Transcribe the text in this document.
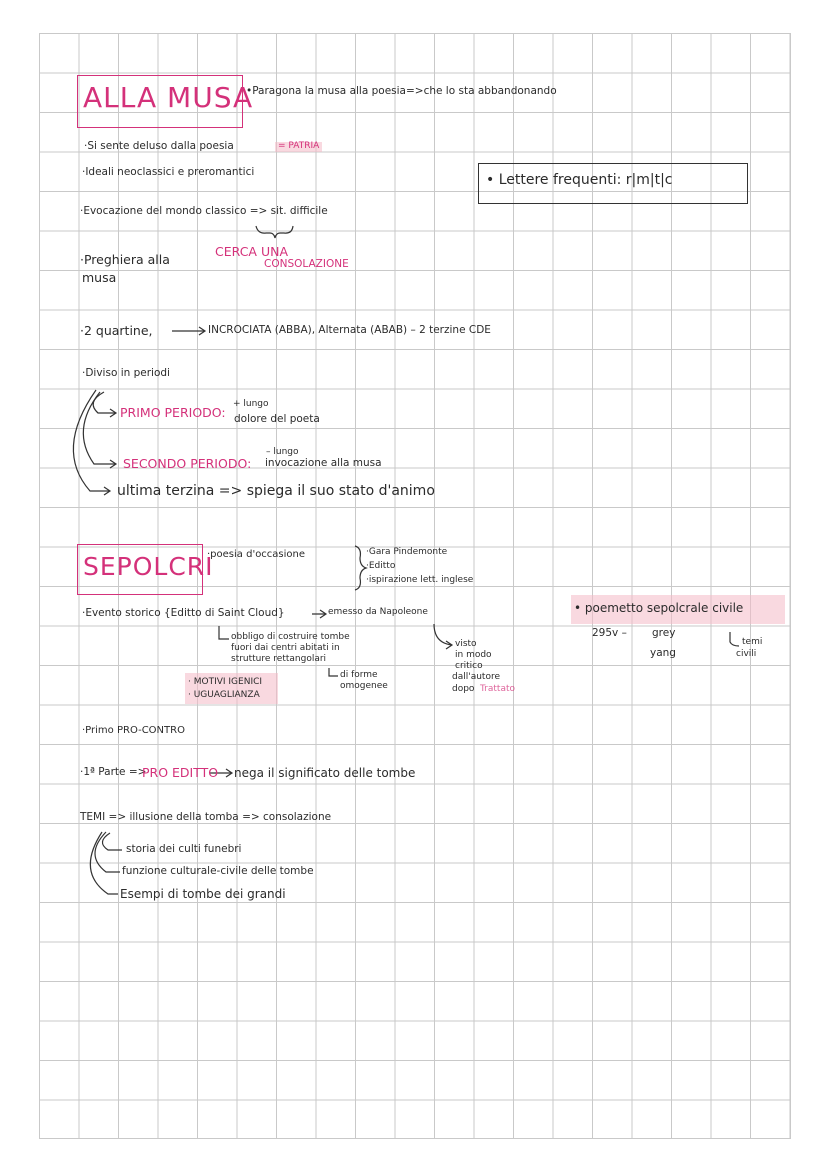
ALLA MUSA
•Paragona la musa alla poesia=>che lo sta abbandonando
·Si sente deluso dalla poesia	= PATRIA
·Ideali neoclassici e preromantici	• Lettere frequenti: r|m|t|c
·Evocazione del mondo classico => sit. difficile
·Preghiera alla
musa
CERCA UNA
CONSOLAZIONE
·2 quartine,	INCROCIATA (ABBA), Alternata (ABAB) – 2 terzine CDE
·Diviso in periodi
PRIMO PERIODO:
+ lungo
dolore del poeta
SECONDO PERIODO:
– lungo
invocazione alla musa
ultima terzina => spiega il suo stato d'animo
SEPOLCRI
·poesia d'occasione	·Gara Pindemonte
·Editto
·ispirazione lett. inglese
• poemetto sepolcrale civile
295v – grey
yang
temi
civili
·Evento storico {Editto di Saint Cloud}	emesso da Napoleone
obbligo di costruire tombe
fuori dai centri abitati in
strutture rettangolari
di forme
omogenee
visto
in modo
critico
dall'autore
dopo Trattato
· MOTIVI IGENICI
· UGUAGLIANZA
·Primo PRO-CONTRO
·1ª Parte =>
PRO EDITTO nega il significato delle tombe
TEMI => illusione della tomba => consolazione
storia dei culti funebri
funzione culturale-civile delle tombe
Esempi di tombe dei grandi
